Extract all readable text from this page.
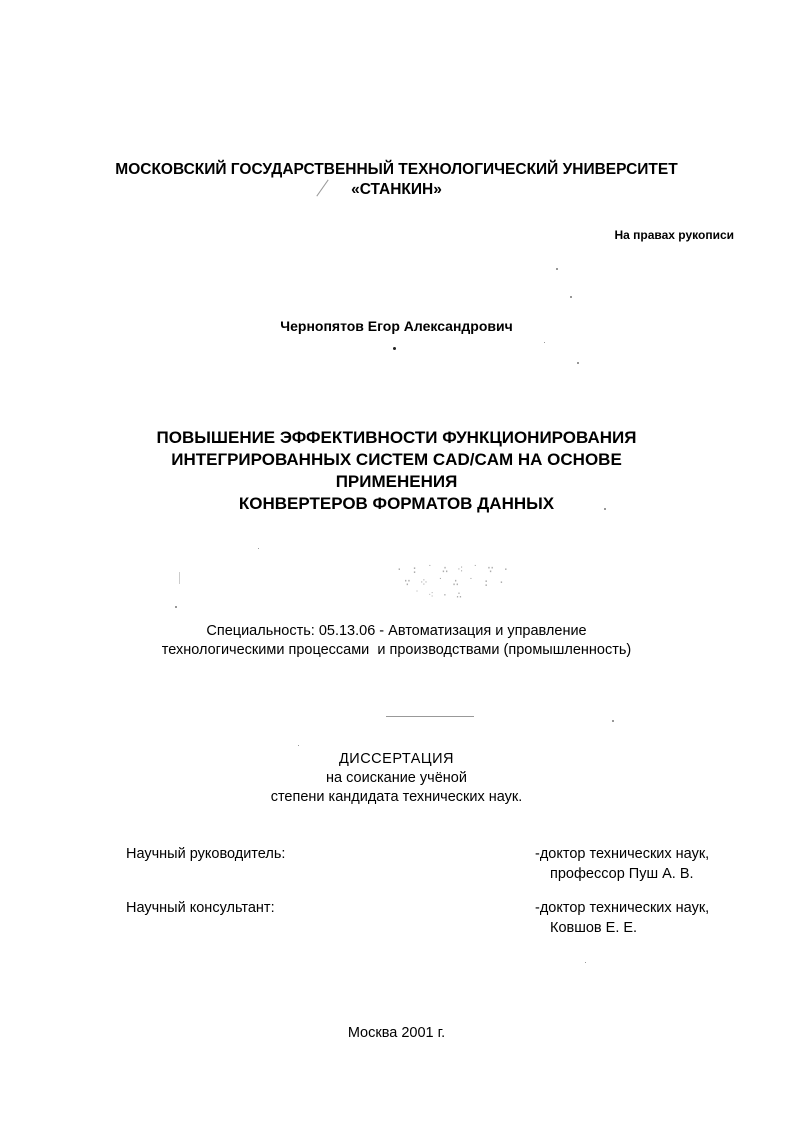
МОСКОВСКИЙ ГОСУДАРСТВЕННЫЙ ТЕХНОЛОГИЧЕСКИЙ УНИВЕРСИТЕТ
«СТАНКИН»
На правах рукописи
Чернопятов Егор Александрович
ПОВЫШЕНИЕ ЭФФЕКТИВНОСТИ ФУНКЦИОНИРОВАНИЯ
ИНТЕГРИРОВАННЫХ СИСТЕМ CAD/CAM НА ОСНОВЕ
ПРИМЕНЕНИЯ
КОНВЕРТЕРОВ ФОРМАТОВ ДАННЫХ
Специальность: 05.13.06 - Автоматизация и управление
технологическими процессами  и производствами (промышленность)
ДИССЕРТАЦИЯ
на соискание учёной
степени кандидата технических наук.
Научный руководитель:	-доктор технических наук,
профессор Пуш А. В.
Научный консультант:	-доктор технических наук,
Ковшов Е. Е.
Москва 2001 г.
· ꞉ ˙ ∴ ⁖ ˙ ∵ ·
∵ ⁘ ˙ ∴ ˙ ꞉ ·
˙ ⁖ · ∴
